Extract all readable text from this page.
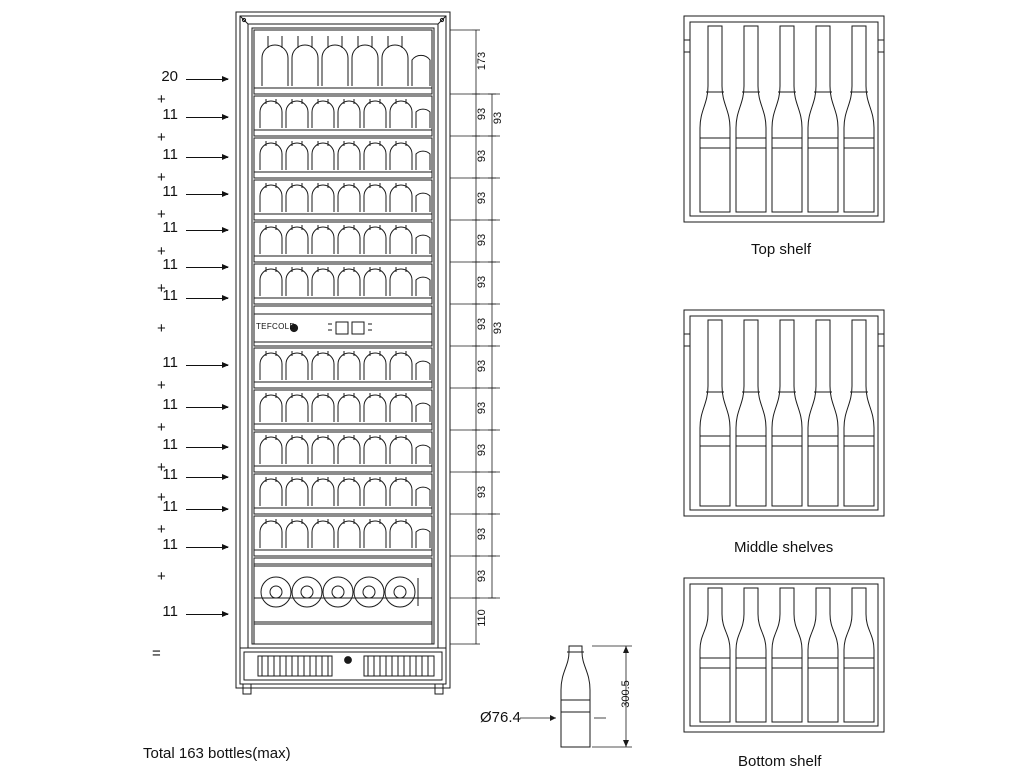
173
93
93
93
93
93
93
93
93
93
93
93
93
110
93
93
20
+
11
+
11
+
11
+
11
+
11
+
11
+
11
+
11
+
11
+
11
+
11
+
11
+
11
=
TEFCOLD
Total 163 bottles(max)
Ø76.4
300.5
Top shelf
Middle shelves
Bottom shelf
